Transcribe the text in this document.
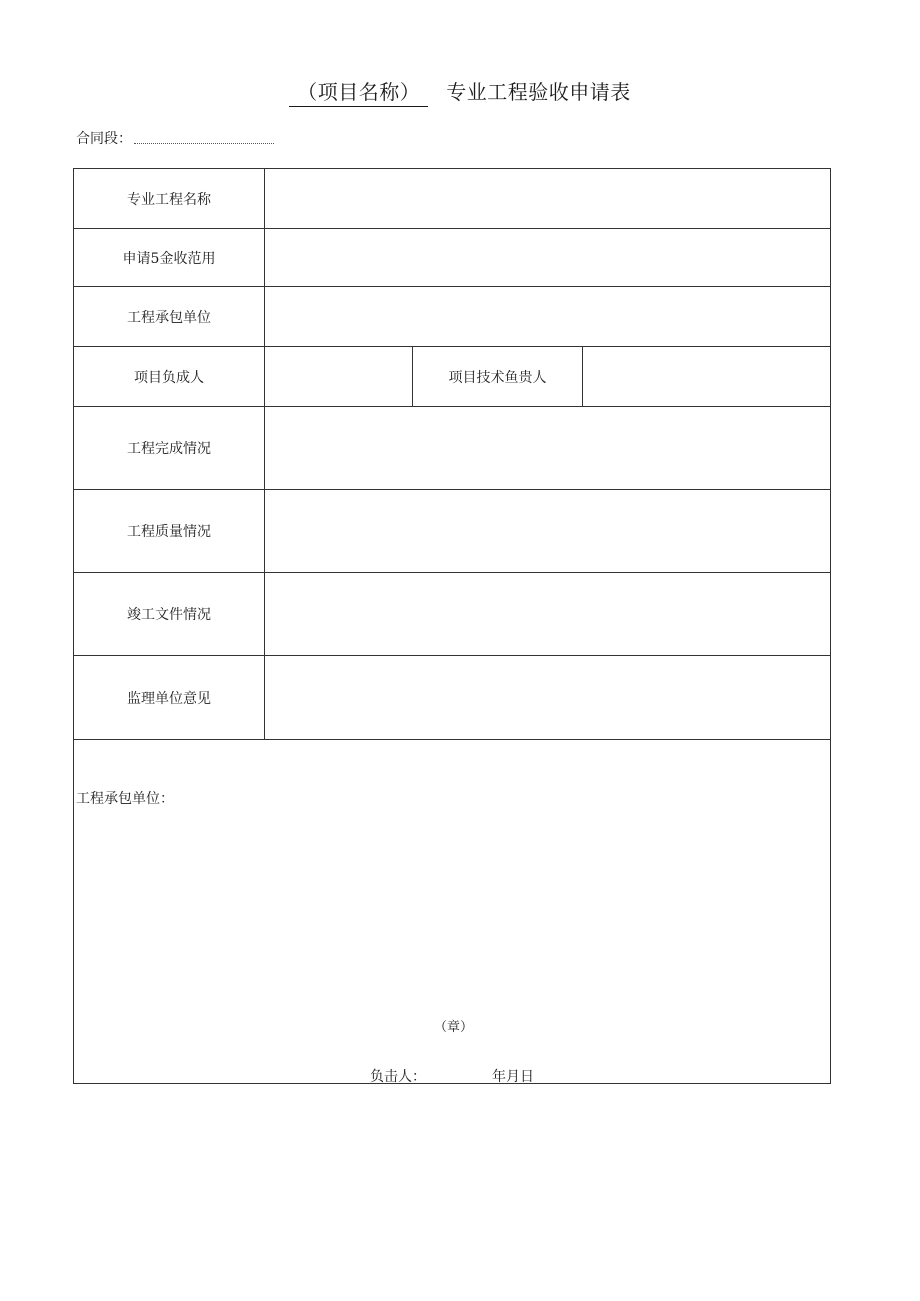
（项目名称） 专业工程验收申请表
合同段：
专业工程名称
申请5金收范用
工程承包单位
项目负成人	项目技术鱼贵人
工程完成情况
工程质量情况
竣工文件情况
监理单位意见
工程承包单位：
（章）
负击人：	年月日
